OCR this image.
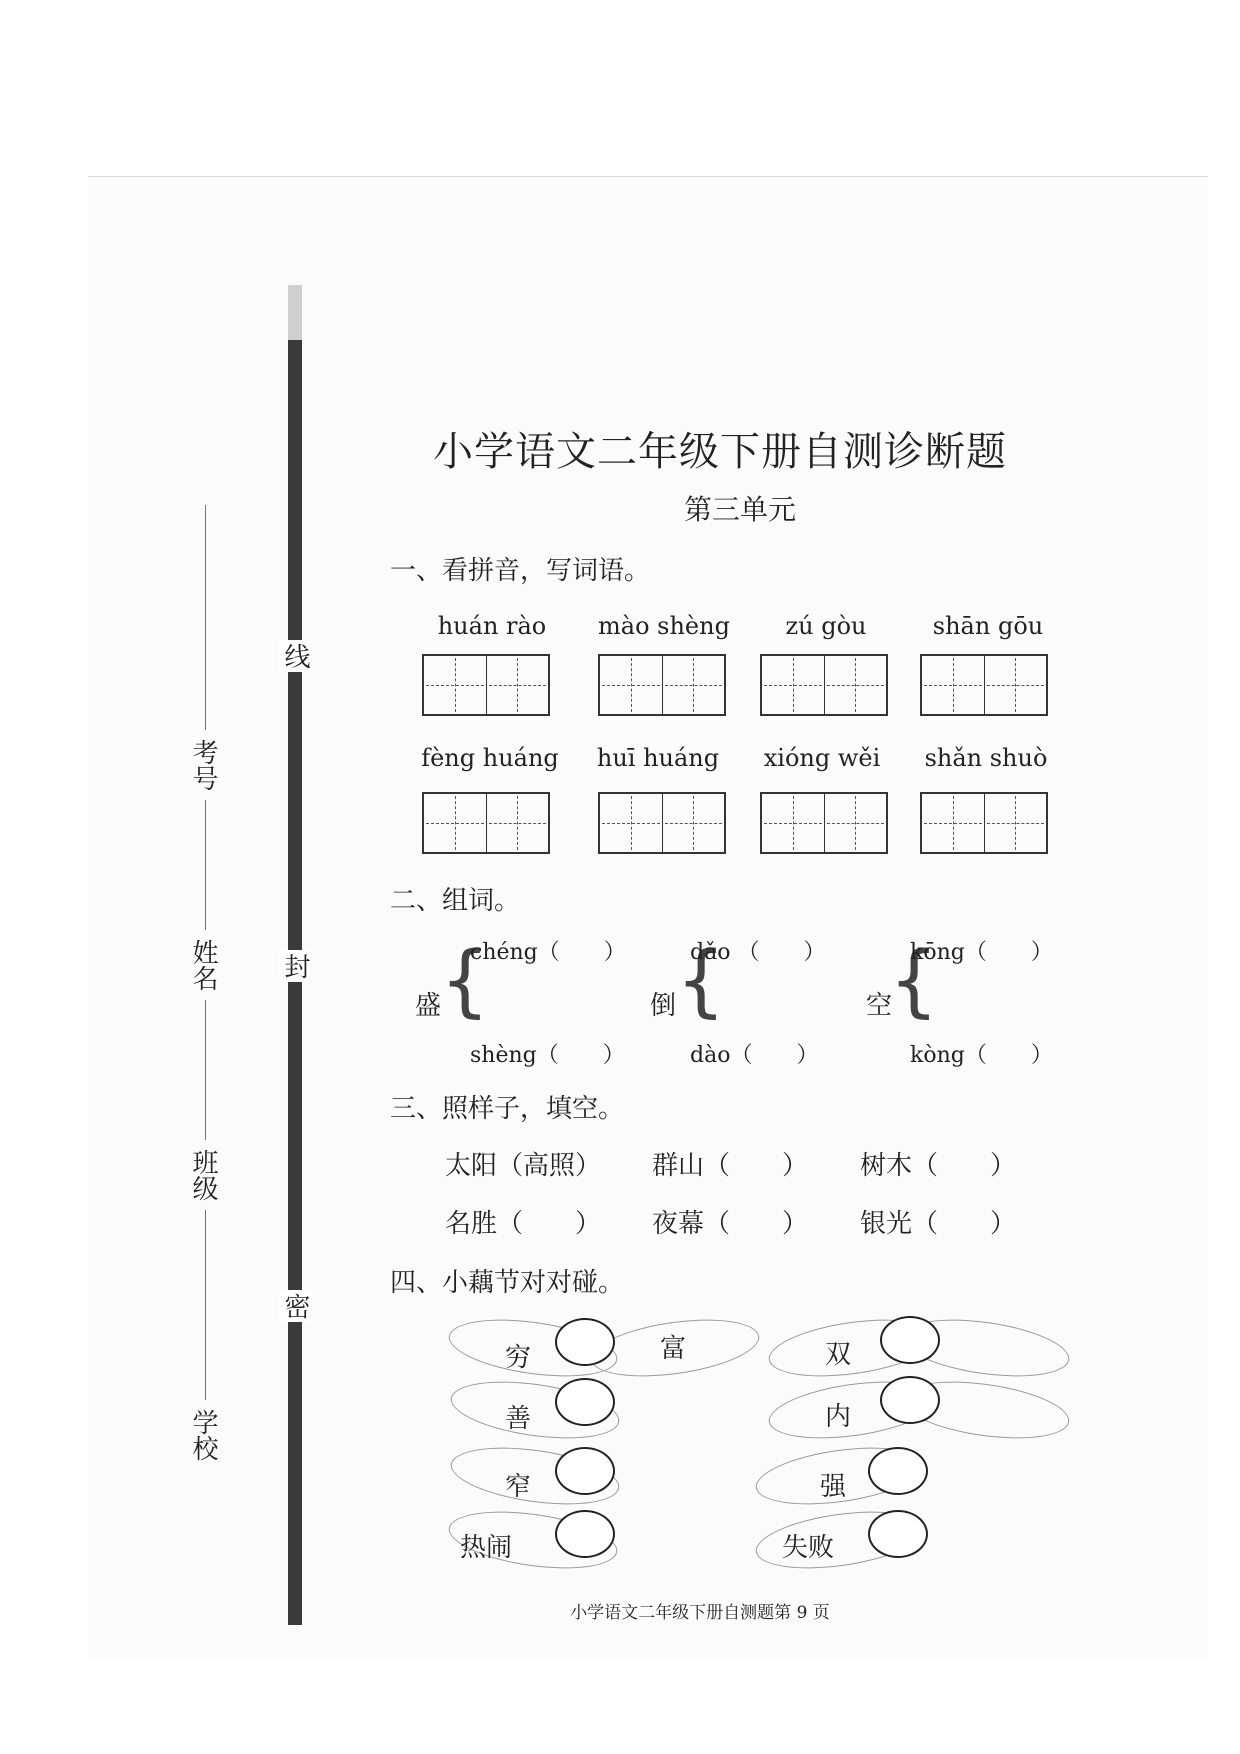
线
封
密
考号
姓名
班级
学校
小学语文二年级下册自测诊断题
第三单元
一、看拼音，写词语。
huán rào	mào shèng	zú gòu	shān gōu
fèng huáng	huī huáng	xióng wěi	shǎn shuò
二、组词。
盛
{
chéng（　　）
shèng（　　）
倒 {
dǎo （　　）
dào（　　）
空
{
kōng（　　）
kòng（　　）
三、照样子，填空。
太阳（高照） 群山（　　） 树木（　　）
名胜（　　） 夜幕（　　） 银光（　　）
四、小藕节对对碰。
穷	富
善
窄
热闹
双
内
强
失败
小学语文二年级下册自测题第 9 页
